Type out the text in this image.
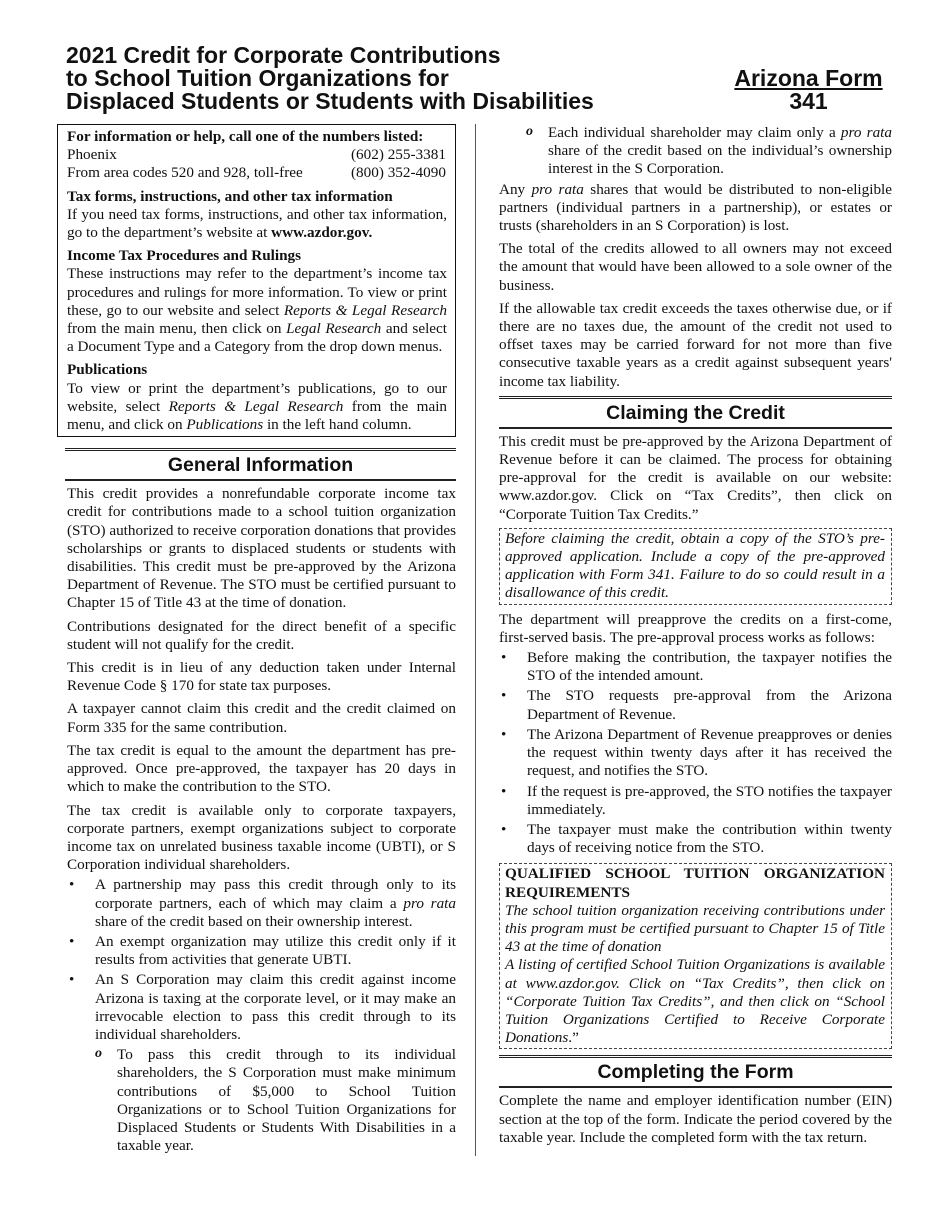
2021 Credit for Corporate Contributions
to School Tuition Organizations for
Displaced Students or Students with Disabilities
Arizona Form
341

For information or help, call one of the numbers listed:

Phoenix	(602) 255-3381

From area codes 520 and 928, toll-free	(800) 352-4090

Tax forms, instructions, and other tax information

If you need tax forms, instructions, and other tax information, go to the department’s website at www.azdor.gov.

Income Tax Procedures and Rulings

These instructions may refer to the department’s income tax procedures and rulings for more information. To view or print these, go to our website and select Reports & Legal Research from the main menu, then click on Legal Research and select a Document Type and a Category from the drop down menus.

Publications

To view or print the department’s publications, go to our website, select Reports & Legal Research from the main menu, and click on Publications in the left hand column.

General Information

This credit provides a nonrefundable corporate income tax credit for contributions made to a school tuition organization (STO) authorized to receive corporation donations that provides scholarships or grants to displaced students or students with disabilities. This credit must be pre-approved by the Arizona Department of Revenue. The STO must be certified pursuant to Chapter 15 of Title 43 at the time of donation.

Contributions designated for the direct benefit of a specific student will not qualify for the credit.

This credit is in lieu of any deduction taken under Internal Revenue Code § 170 for state tax purposes.

A taxpayer cannot claim this credit and the credit claimed on Form 335 for the same contribution.

The tax credit is equal to the amount the department has pre-approved. Once pre-approved, the taxpayer has 20 days in which to make the contribution to the STO.

The tax credit is available only to corporate taxpayers, corporate partners, exempt organizations subject to corporate income tax on unrelated business taxable income (UBTI), or S Corporation individual shareholders.

• A partnership may pass this credit through only to its corporate partners, each of which may claim a pro rata share of the credit based on their ownership interest.
• An exempt organization may utilize this credit only if it results from activities that generate UBTI.
• An S Corporation may claim this credit against income Arizona is taxing at the corporate level, or it may make an irrevocable election to pass this credit through to its individual shareholders.
o To pass this credit through to its individual shareholders, the S Corporation must make minimum contributions of $5,000 to School Tuition Organizations or to School Tuition Organizations for Displaced Students or Students With Disabilities in a taxable year.
o Each individual shareholder may claim only a pro rata share of the credit based on the individual’s ownership interest in the S Corporation.

Any pro rata shares that would be distributed to non-eligible partners (individual partners in a partnership), or estates or trusts (shareholders in an S Corporation) is lost.

The total of the credits allowed to all owners may not exceed the amount that would have been allowed to a sole owner of the business.

If the allowable tax credit exceeds the taxes otherwise due, or if there are no taxes due, the amount of the credit not used to offset taxes may be carried forward for not more than five consecutive taxable years as a credit against subsequent years' income tax liability.

Claiming the Credit

This credit must be pre-approved by the Arizona Department of Revenue before it can be claimed. The process for obtaining pre-approval for the credit is available on our website: www.azdor.gov. Click on “Tax Credits”, then click on “Corporate Tuition Tax Credits.”

Before claiming the credit, obtain a copy of the STO’s pre-approved application. Include a copy of the pre-approved application with Form 341. Failure to do so could result in a disallowance of this credit.

The department will preapprove the credits on a first-come, first-served basis. The pre-approval process works as follows:

• Before making the contribution, the taxpayer notifies the STO of the intended amount.
• The STO requests pre-approval from the Arizona Department of Revenue.
• The Arizona Department of Revenue preapproves or denies the request within twenty days after it has received the request, and notifies the STO.
• If the request is pre-approved, the STO notifies the taxpayer immediately.
• The taxpayer must make the contribution within twenty days of receiving notice from the STO.

QUALIFIED SCHOOL TUITION ORGANIZATION REQUIREMENTS

The school tuition organization receiving contributions under this program must be certified pursuant to Chapter 15 of Title 43 at the time of donation

A listing of certified School Tuition Organizations is available at www.azdor.gov. Click on “Tax Credits”, then click on “Corporate Tuition Tax Credits”, and then click on “School Tuition Organizations Certified to Receive Corporate Donations.”

Completing the Form

Complete the name and employer identification number (EIN) section at the top of the form. Indicate the period covered by the taxable year. Include the completed form with the tax return.
